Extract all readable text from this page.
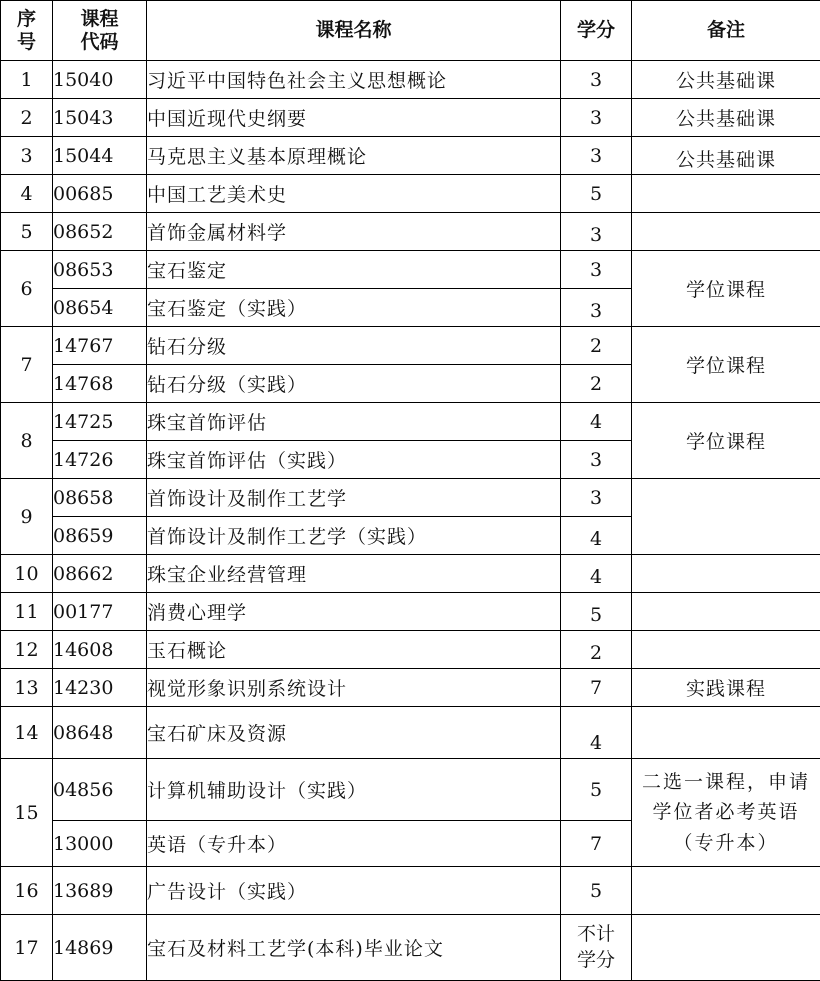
序号	课程代码	课程名称	学分	备注
1	15040	习近平中国特色社会主义思想概论	3	公共基础课
2	15043	中国近现代史纲要	3	公共基础课
3	15044	马克思主义基本原理概论	3	公共基础课
4	00685	中国工艺美术史	5	
5	08652	首饰金属材料学	3	
6	08653	宝石鉴定	3	学位课程
	08654	宝石鉴定（实践）	3	
7	14767	钻石分级	2	学位课程
	14768	钻石分级（实践）	2	
8	14725	珠宝首饰评估	4	学位课程
	14726	珠宝首饰评估（实践）	3	
9	08658	首饰设计及制作工艺学	3	
	08659	首饰设计及制作工艺学（实践）	4	
10	08662	珠宝企业经营管理	4	
11	00177	消费心理学	5	
12	14608	玉石概论	2	
13	14230	视觉形象识别系统设计	7	实践课程
14	08648	宝石矿床及资源	4	
15	04856	计算机辅助设计（实践）	5	二选一课程，申请学位者必考英语（专升本）
	13000	英语（专升本）	7	
16	13689	广告设计（实践）	5	
17	14869	宝石及材料工艺学(本科)毕业论文	不计学分	
